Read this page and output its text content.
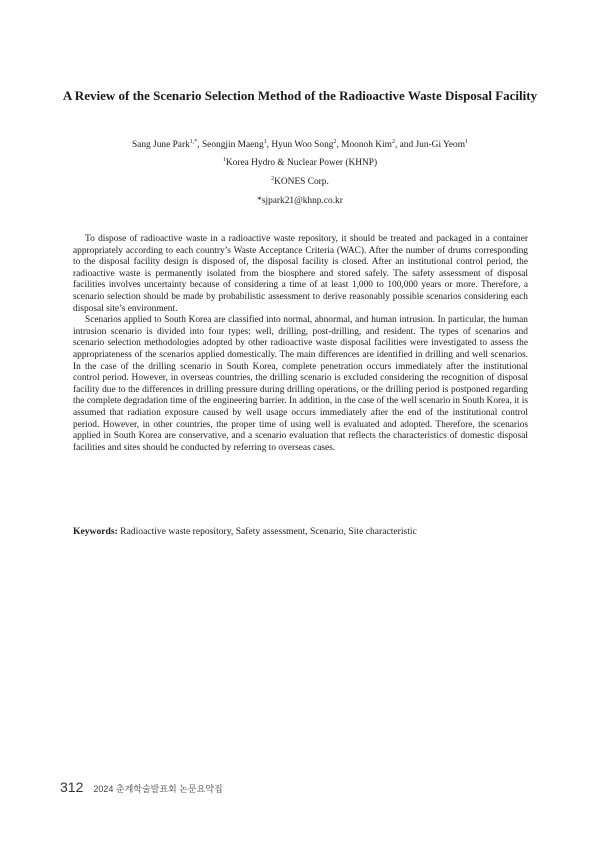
A Review of the Scenario Selection Method of the Radioactive Waste Disposal Facility
Sang June Park$^{1,*}$, Seongjin Maeng$^1$, Hyun Woo Song$^2$, Moonoh Kim$^2$, and Jun-Gi Yeom$^1$
$^1$Korea Hydro & Nuclear Power (KHNP)
$^2$KONES Corp.
*sjpark21@khnp.co.kr

To dispose of radioactive waste in a radioactive waste repository, it should be treated and packaged in a container appropriately according to each country’s Waste Acceptance Criteria (WAC). After the number of drums corresponding to the disposal facility design is disposed of, the disposal facility is closed. After an institutional control period, the radioactive waste is permanently isolated from the biosphere and stored safely. The safety assessment of disposal facilities involves uncertainty because of considering a time of at least 1,000 to 100,000 years or more. Therefore, a scenario selection should be made by probabilistic assessment to derive reasonably possible scenarios considering each disposal site’s environment.

Scenarios applied to South Korea are classified into normal, abnormal, and human intrusion. In particular, the human intrusion scenario is divided into four types: well, drilling, post-drilling, and resident. The types of scenarios and scenario selection methodologies adopted by other radioactive waste disposal facilities were investigated to assess the appropriateness of the scenarios applied domestically. The main differences are identified in drilling and well scenarios. In the case of the drilling scenario in South Korea, complete penetration occurs immediately after the institutional control period. However, in overseas countries, the drilling scenario is excluded considering the recognition of disposal facility due to the differences in drilling pressure during drilling operations, or the drilling period is postponed regarding the complete degradation time of the engineering barrier. In addition, in the case of the well scenario in South Korea, it is assumed that radiation exposure caused by well usage occurs immediately after the end of the institutional control period. However, in other countries, the proper time of using well is evaluated and adopted. Therefore, the scenarios applied in South Korea are conservative, and a scenario evaluation that reflects the characteristics of domestic disposal facilities and sites should be conducted by referring to overseas cases.

Keywords: Radioactive waste repository, Safety assessment, Scenario, Site characteristic
312 2024 춘계학술발표회 논문요약집
